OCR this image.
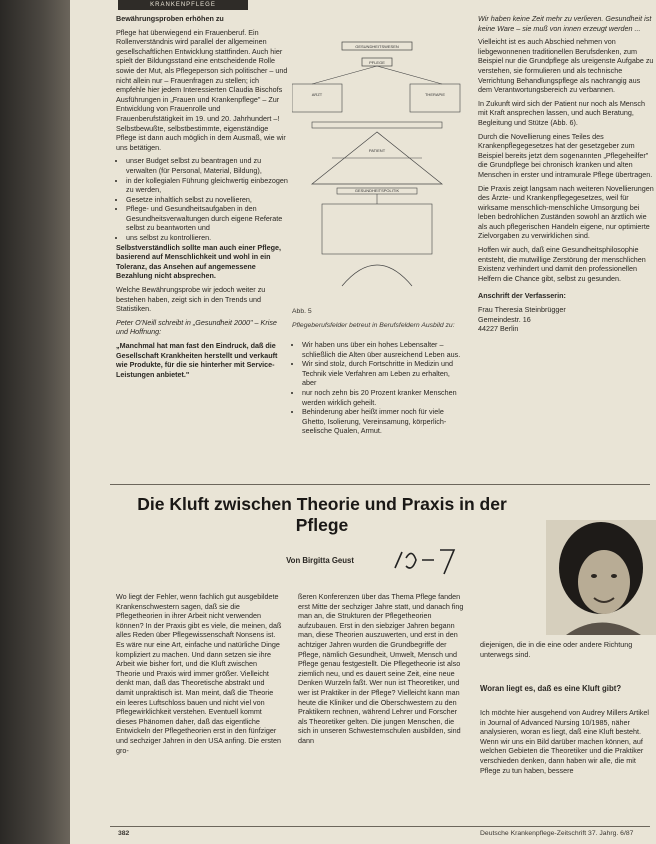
KRANKENPFLEGE

Bewährungsproben erhöhen zu

Pflege hat überwiegend ein Frauenberuf. Ein Rollenverständnis wird parallel der allgemeinen gesellschaftlichen Entwicklung stattfinden. Auch hier spielt der Bildungsstand eine entscheidende Rolle sowie der Mut, als Pflegeperson sich politischer – und nicht allein nur – Frauenfragen zu stellen; ich empfehle hier jedem Interessierten Claudia Bischofs Ausführungen in „Frauen und Krankenpflege" – Zur Entwicklung von Frauenrolle und Frauenberufstätigkeit im 19. und 20. Jahrhundert –! Selbstbewußte, selbstbestimmte, eigenständige Pflege ist dann auch möglich in dem Ausmaß, wie wir uns betätigen.

• unser Budget selbst zu beantragen und zu verwalten (für Personal, Material, Bildung),
• in der kollegialen Führung gleichwertig einbezogen zu werden,
• Gesetze inhaltlich selbst zu novellieren,
• Pflege- und Gesundheitsaufgaben in den Gesundheitsverwaltungen durch eigene Referate selbst zu beantworten und
• uns selbst zu kontrollieren.

Selbstverständlich sollte man auch einer Pflege, basierend auf Menschlichkeit und wohl in ein Toleranz, das Ansehen auf angemessene Bezahlung nicht absprechen.

Welche Bewährungsprobe wir jedoch weiter zu bestehen haben, zeigt sich in den Trends und Statistiken.

Peter O'Neill schreibt in „Gesundheit 2000" – Krise und Hoffnung:

„Manchmal hat man fast den Eindruck, daß die Gesellschaft Krankheiten herstellt und verkauft wie Produkte, für die sie hinterher mit Service-Leistungen anbietet."

GESUNDHEITSWESEN
PFLEGE
ARZT	THERAPIE
PATIENT
GESUNDHEITSPOLITIK
Abb. 5
Pflegeberufsfelder betreut in Berufsfeldern Ausbild zu:
• Wir haben uns über ein hohes Lebensalter – schließlich die Alten über ausreichend Leben aus.
• Wir sind stolz, durch Fortschritte in Medizin und Technik viele Verfahren am Leben zu erhalten, aber
• nur noch zehn bis 20 Prozent kranker Menschen werden wirklich geheilt.
• Behinderung aber heißt immer noch für viele Ghetto, Isolierung, Vereinsamung, körperlich-seelische Qualen, Armut.

Wir haben keine Zeit mehr zu verlieren. Gesundheit ist keine Ware – sie muß von innen erzeugt werden ...

Vielleicht ist es auch Abschied nehmen von liebgewonnenen traditionellen Berufsdenken, zum Beispiel nur die Grundpflege als ureigenste Aufgabe zu verstehen, sie formulieren und als technische Verrichtung Behandlungspflege als nachrangig aus dem Verantwortungsbereich zu verbannen.

In Zukunft wird sich der Patient nur noch als Mensch mit Kraft ansprechen lassen, und auch Beratung, Begleitung und Stütze (Abb. 6).

Durch die Novellierung eines Teiles des Krankenpflegegesetzes hat der gesetzgeber zum Beispiel bereits jetzt dem sogenannten „Pflegeheilfer" die Grundpflege bei chronisch kranken und alten Menschen in erster und intramurale Pflege übertragen.

Die Praxis zeigt langsam nach weiteren Novellierungen des Ärzte- und Krankenpflegegesetzes, weil für wirksame menschlich-menschliche Umsorgung bei leben bedrohlichen Zuständen sowohl an ärztlich wie als auch pflegerischen Handeln eigene, nur optimierte Zielvorgaben zu verwirklichen sind.

Hoffen wir auch, daß eine Gesundheitsphilosophie entsteht, die mutwillige Zerstörung der menschlichen Existenz verhindert und damit den professionellen Helfern die Chance gibt, selbst zu gesunden.

Anschrift der Verfasserin:

Frau Theresia Steinbrügger
Gemeindestr. 16
44227 Berlin
Die Kluft zwischen Theorie und Praxis in der Pflege
Von Birgitta Geust
Wo liegt der Fehler, wenn fachlich gut ausgebildete Krankenschwestern sagen, daß sie die Pflegetheorien in ihrer Arbeit nicht verwenden können? In der Praxis gibt es viele, die meinen, daß alles Reden über Pflegewissenschaft Nonsens ist. Es wäre nur eine Art, einfache und natürliche Dinge kompliziert zu machen. Und dann setzen sie ihre Arbeit wie bisher fort, und die Kluft zwischen Theorie und Praxis wird immer größer. Vielleicht denkt man, daß das Theoretische abstrakt und damit unpraktisch ist. Man meint, daß die Theorie ein leeres Luftschloss bauen und nicht viel von Pflegewirklichkeit verstehen. Eventuell kommt dieses Phänomen daher, daß das eigentliche Entwickeln der Pflegetheorien erst in den fünfziger und sechziger Jahren in den USA anfing. Die ersten gro-
ßeren Konferenzen über das Thema Pflege fanden erst Mitte der sechziger Jahre statt, und danach fing man an, die Strukturen der Pflegetheorien aufzubauen. Erst in den siebziger Jahren begann man, diese Theorien auszuwerten, und erst in den achtziger Jahren wurden die Grundbegriffe der Pflege, nämlich Gesundheit, Umwelt, Mensch und Pflege genau festgestellt. Die Pflegetheorie ist also ziemlich neu, und es dauert seine Zeit, eine neue Denken Wurzeln faßt. Wer nun ist Theoretiker, und wer ist Praktiker in der Pflege? Vielleicht kann man heute die Kliniker und die Oberschwestern zu den Praktikern rechnen, während Lehrer und Forscher als Theoretiker gelten. Die jungen Menschen, die sich in unseren Schwesternschulen ausbilden, sind dann
diejenigen, die in die eine oder andere Richtung unterwegs sind.
Woran liegt es, daß es eine Kluft gibt?
Ich möchte hier ausgehend von Audrey Millers Artikel in Journal of Advanced Nursing 10/1985, näher analysieren, woran es liegt, daß eine Kluft besteht. Wenn wir uns ein Bild darüber machen können, auf welchen Gebieten die Theoretiker und die Praktiker verschieden denken, dann haben wir alle, die mit Pflege zu tun haben, bessere
382	Deutsche Krankenpflege-Zeitschrift 37. Jahrg. 6/87
